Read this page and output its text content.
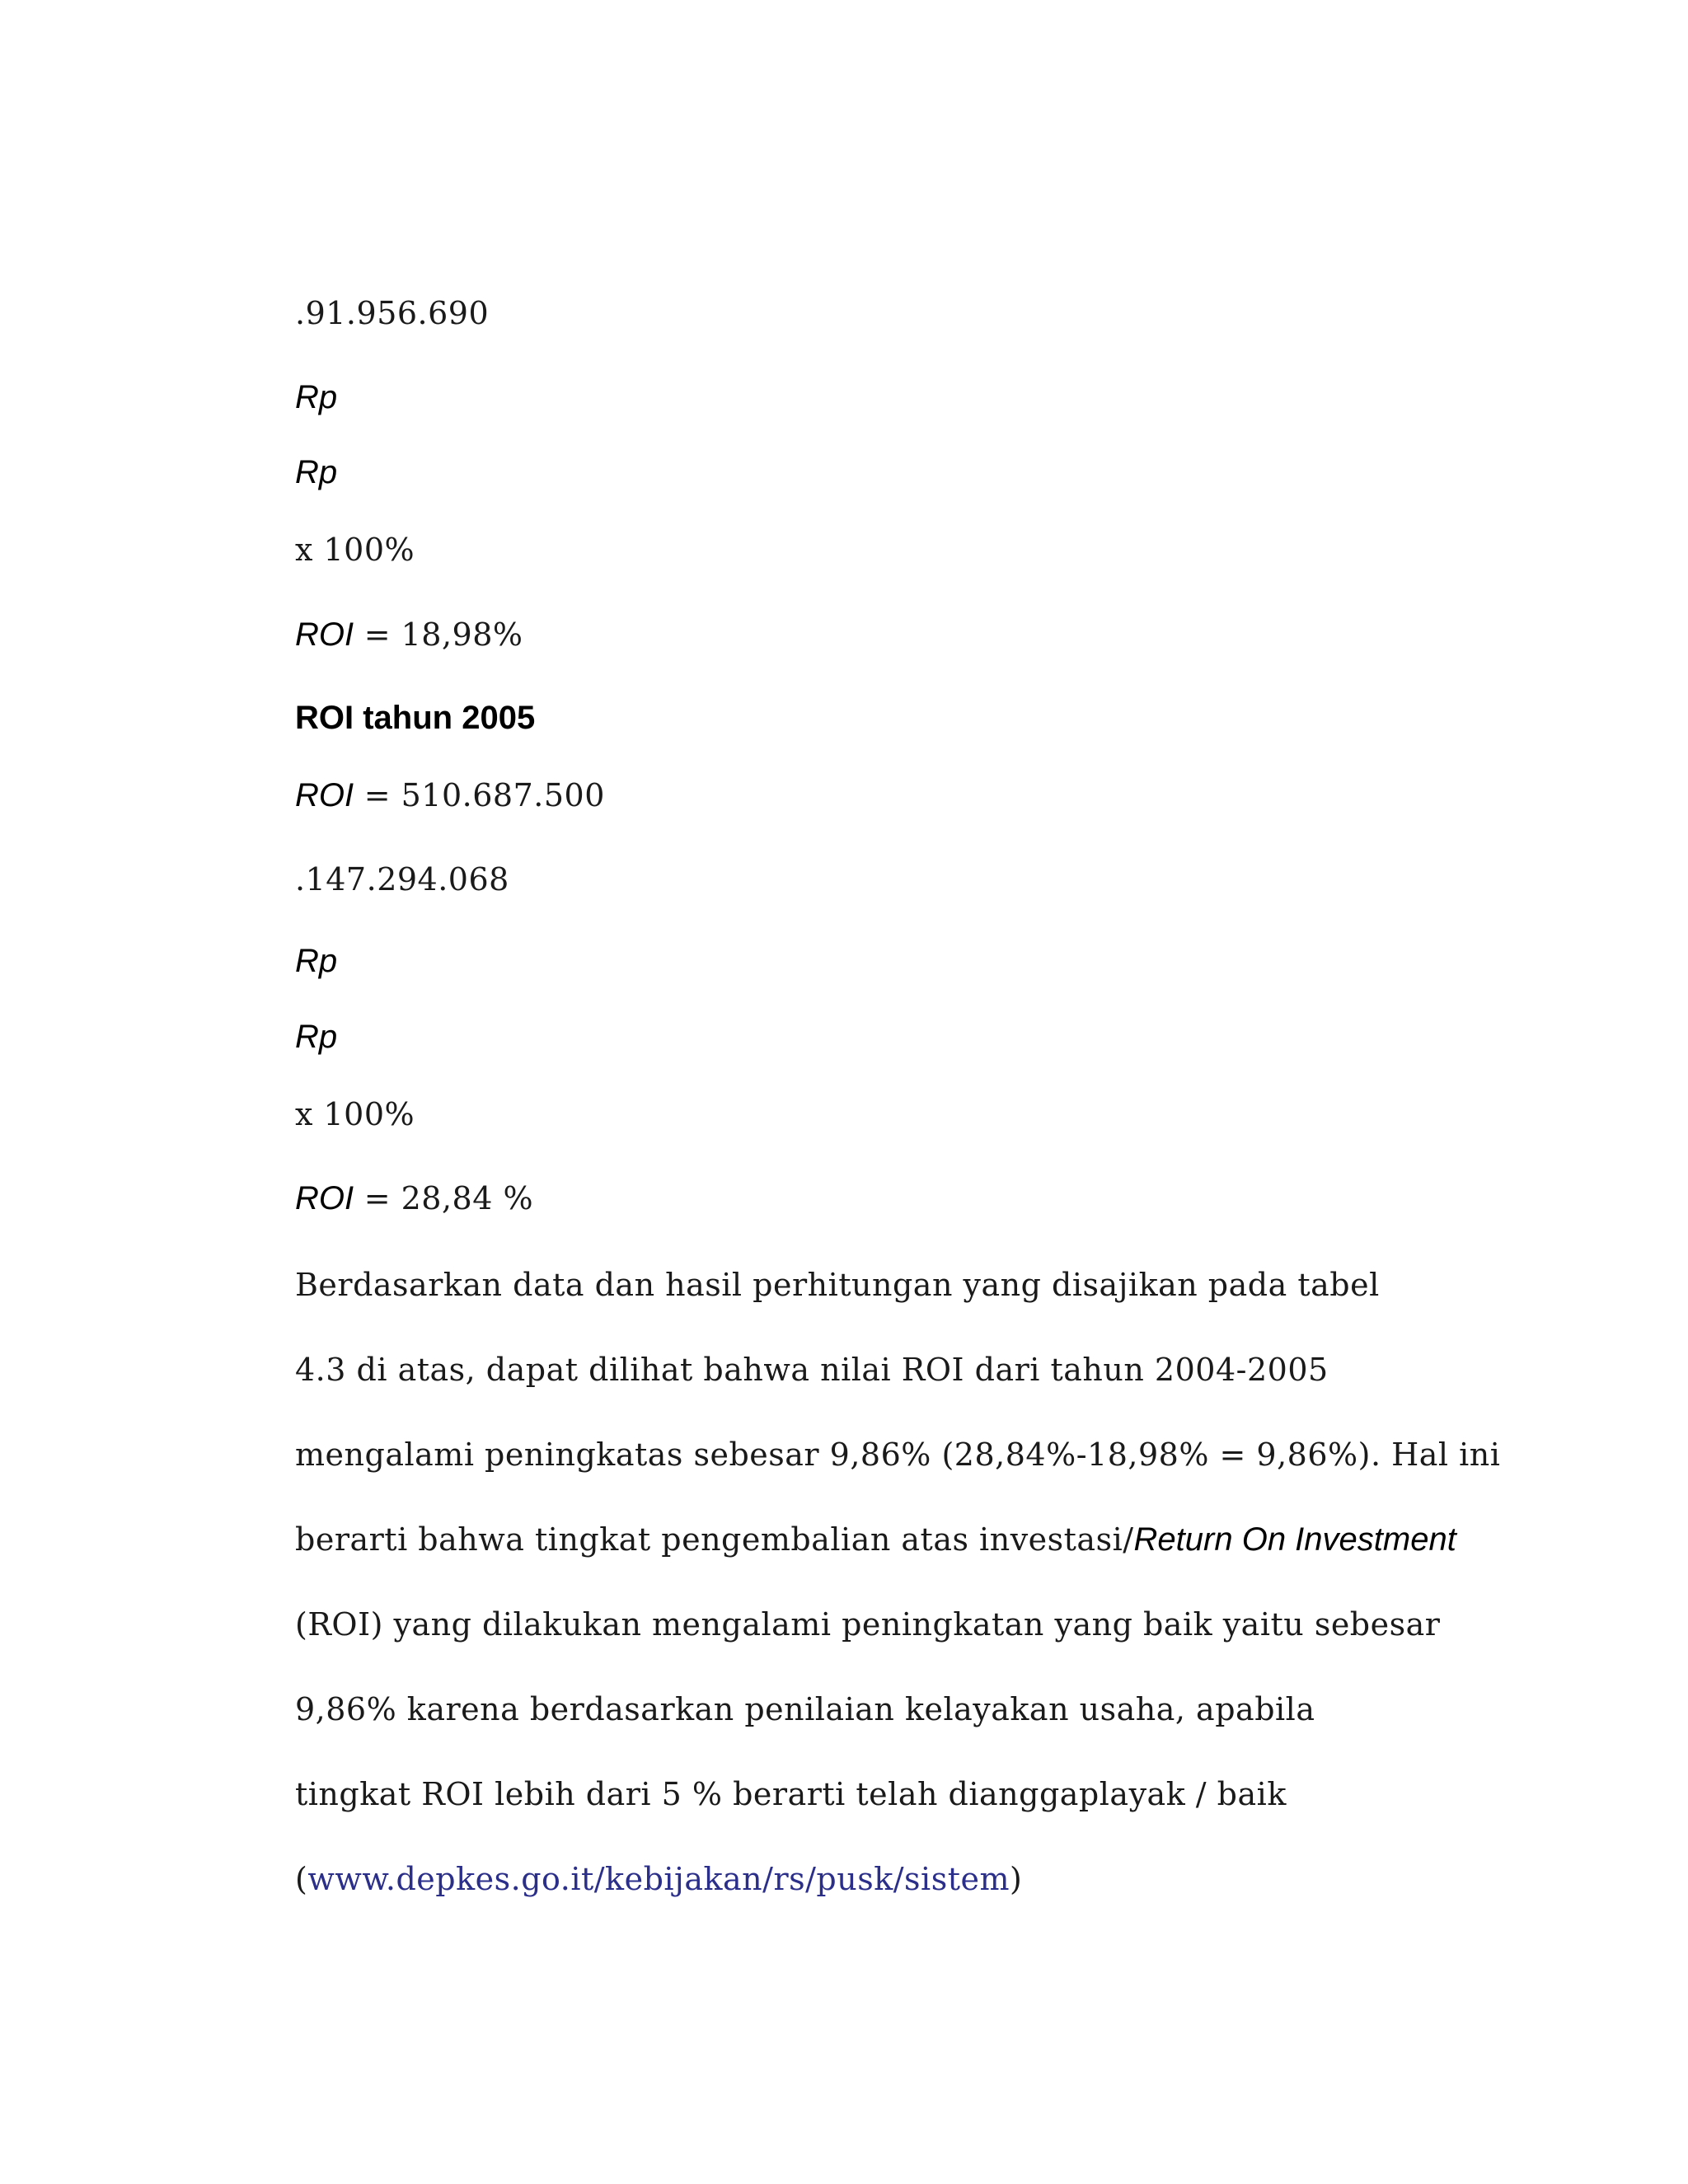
.91.956.690
Rp
Rp
x 100%
ROI = 18,98%
ROI tahun 2005
ROI = 510.687.500
.147.294.068
Rp
Rp
x 100%
ROI = 28,84 %
Berdasarkan data dan hasil perhitungan yang disajikan pada tabel
4.3 di atas, dapat dilihat bahwa nilai ROI dari tahun 2004-2005
mengalami peningkatas sebesar 9,86% (28,84%-18,98% = 9,86%). Hal ini
berarti bahwa tingkat pengembalian atas investasi/Return On Investment
(ROI) yang dilakukan mengalami peningkatan yang baik yaitu sebesar
9,86% karena berdasarkan penilaian kelayakan usaha, apabila
tingkat ROI lebih dari 5 % berarti telah dianggaplayak / baik
(www.depkes.go.it/kebijakan/rs/pusk/sistem)
